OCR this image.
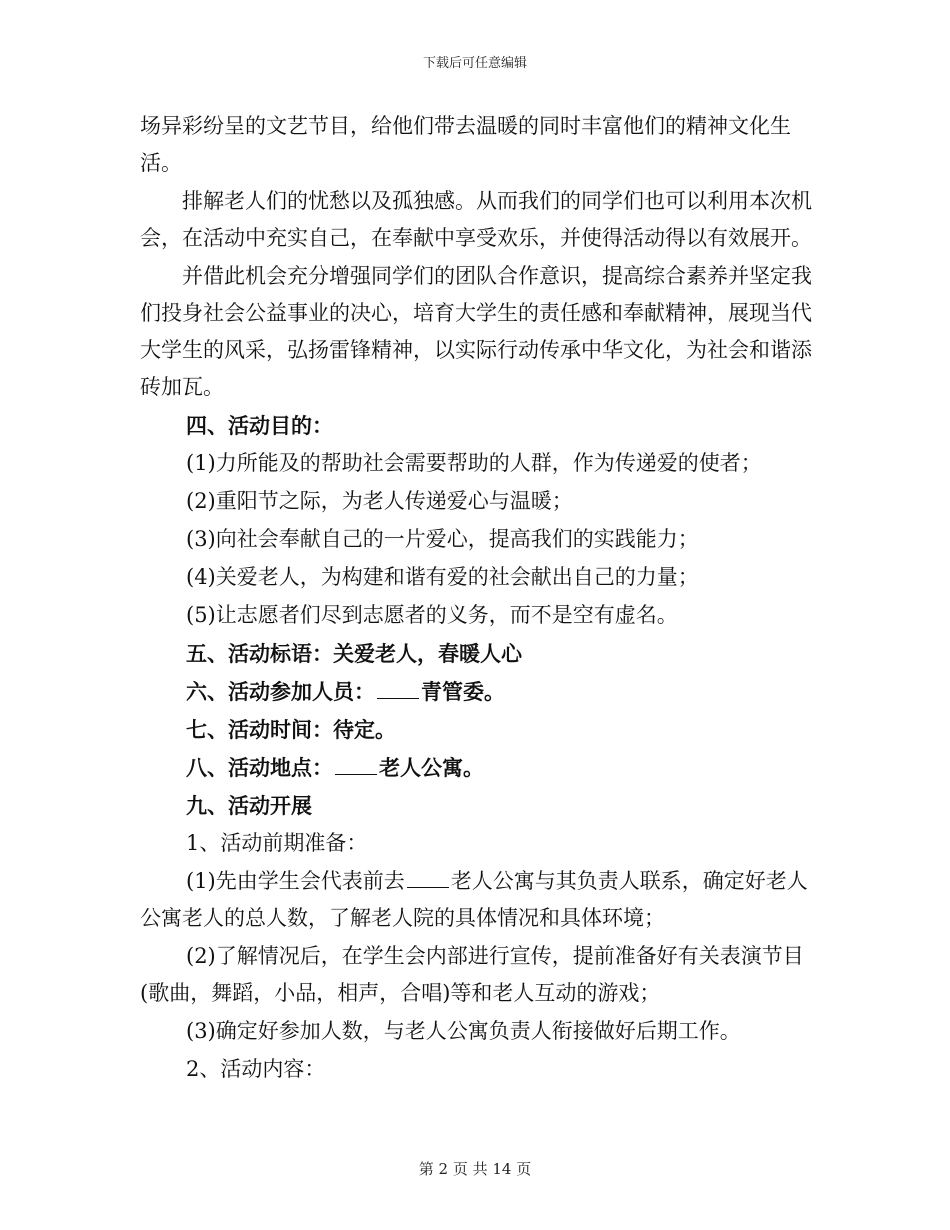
下载后可任意编辑

场异彩纷呈的文艺节目，给他们带去温暖的同时丰富他们的精神文化生活。

排解老人们的忧愁以及孤独感。从而我们的同学们也可以利用本次机会，在活动中充实自己，在奉献中享受欢乐，并使得活动得以有效展开。

并借此机会充分增强同学们的团队合作意识，提高综合素养并坚定我们投身社会公益事业的决心，培育大学生的责任感和奉献精神，展现当代大学生的风采，弘扬雷锋精神，以实际行动传承中华文化，为社会和谐添砖加瓦。

四、活动目的：

(1)力所能及的帮助社会需要帮助的人群，作为传递爱的使者；

(2)重阳节之际，为老人传递爱心与温暖；

(3)向社会奉献自己的一片爱心，提高我们的实践能力；

(4)关爱老人，为构建和谐有爱的社会献出自己的力量；

(5)让志愿者们尽到志愿者的义务，而不是空有虚名。

五、活动标语：关爱老人，春暖人心

六、活动参加人员： 青管委。

七、活动时间：待定。

八、活动地点： 老人公寓。

九、活动开展

1、活动前期准备：

(1)先由学生会代表前去 老人公寓与其负责人联系，确定好老人公寓老人的总人数，了解老人院的具体情况和具体环境；

(2)了解情况后，在学生会内部进行宣传，提前准备好有关表演节目(歌曲，舞蹈，小品，相声，合唱)等和老人互动的游戏；

(3)确定好参加人数，与老人公寓负责人衔接做好后期工作。

2、活动内容：

第 2 页 共 14 页
